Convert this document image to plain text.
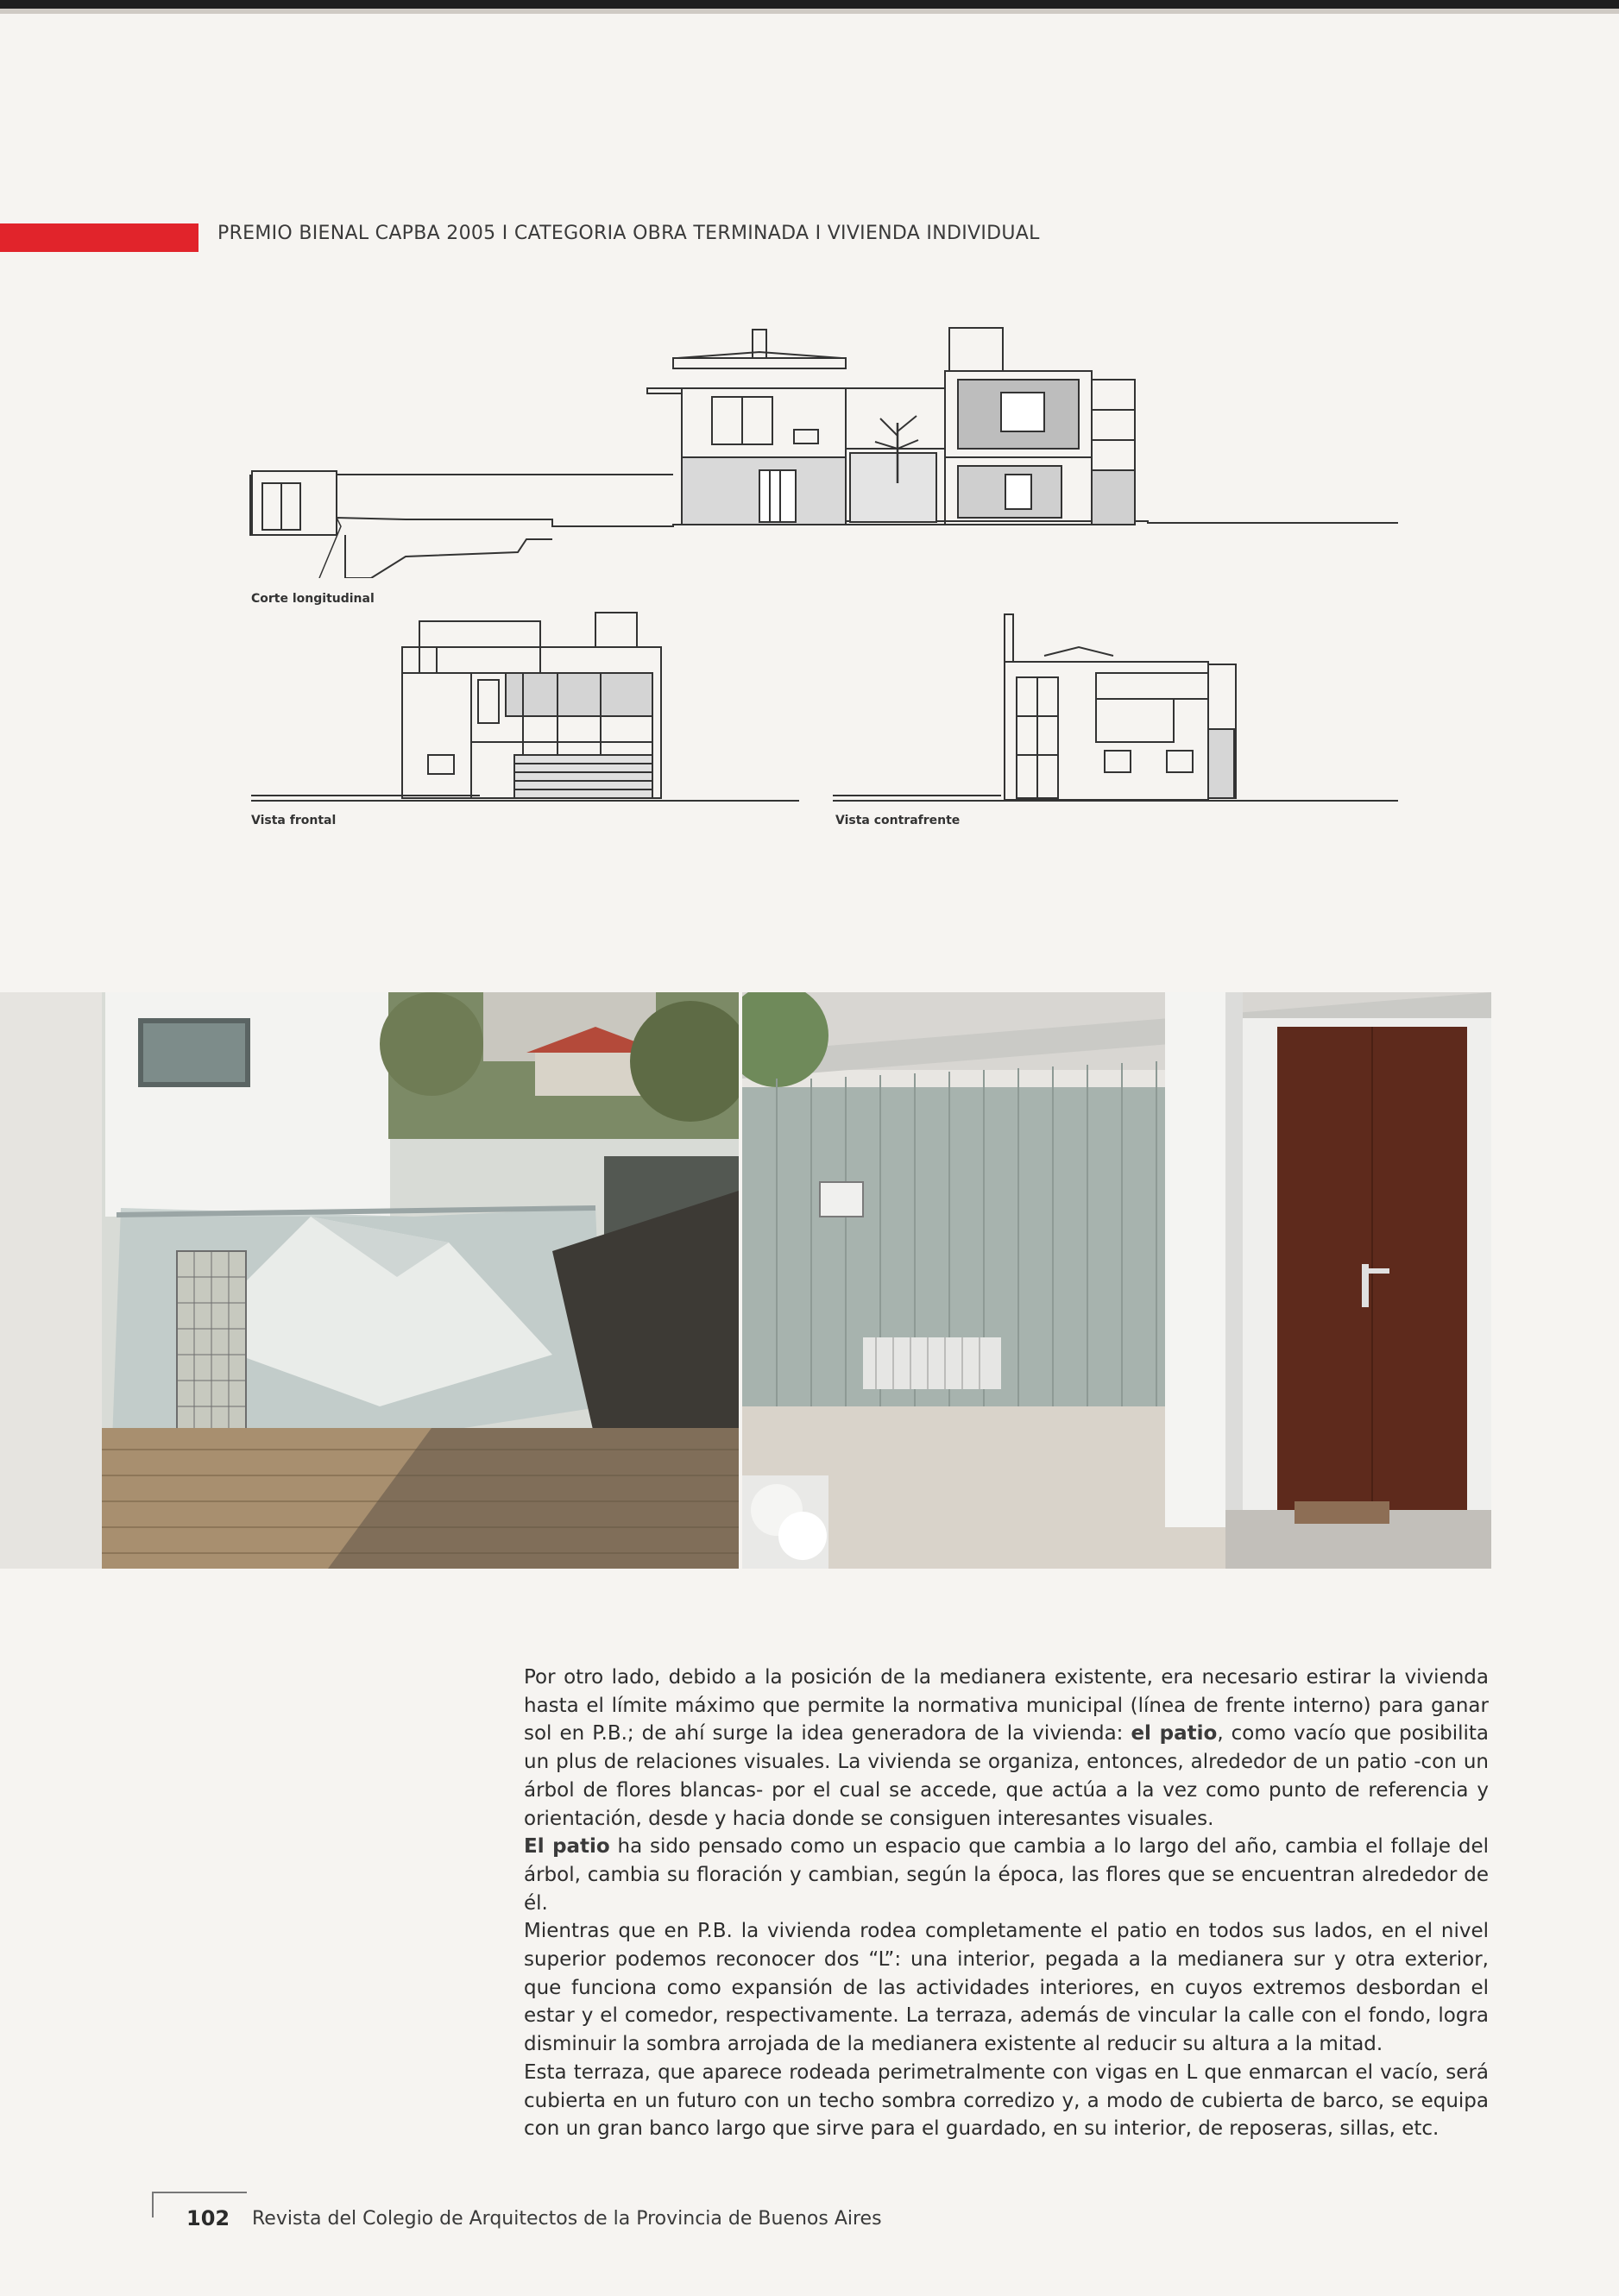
PREMIO BIENAL CAPBA 2005 I CATEGORIA OBRA TERMINADA I VIVIENDA INDIVIDUAL
Corte longitudinal
Vista frontal	Vista contrafrente

Por otro lado, debido a la posición de la medianera existente, era necesario estirar la vivienda hasta el límite máximo que permite la normativa municipal (línea de frente interno) para ganar sol en P.B.; de ahí surge la idea generadora de la vivienda: el patio, como vacío que posibilita un plus de relaciones visuales. La vivienda se organiza, entonces, alrededor de un patio -con un árbol de flores blancas- por el cual se accede, que actúa a la vez como punto de referencia y orientación, desde y hacia donde se consiguen interesantes visuales.

El patio ha sido pensado como un espacio que cambia a lo largo del año, cambia el follaje del árbol, cambia su floración y cambian, según la época, las flores que se encuentran alrededor de él.

Mientras que en P.B. la vivienda rodea completamente el patio en todos sus lados, en el nivel superior podemos reconocer dos “L”: una interior, pegada a la medianera sur y otra exterior, que funciona como expansión de las actividades interiores, en cuyos extremos desbordan el estar y el comedor, respectivamente. La terraza, además de vincular la calle con el fondo, logra disminuir la sombra arrojada de la medianera existente al reducir su altura a la mitad.

Esta terraza, que aparece rodeada perimetralmente con vigas en L que enmarcan el vacío, será cubierta en un futuro con un techo sombra corredizo y, a modo de cubierta de barco, se equipa con un gran banco largo que sirve para el guardado, en su interior, de reposeras, sillas, etc.

102 Revista del Colegio de Arquitectos de la Provincia de Buenos Aires
